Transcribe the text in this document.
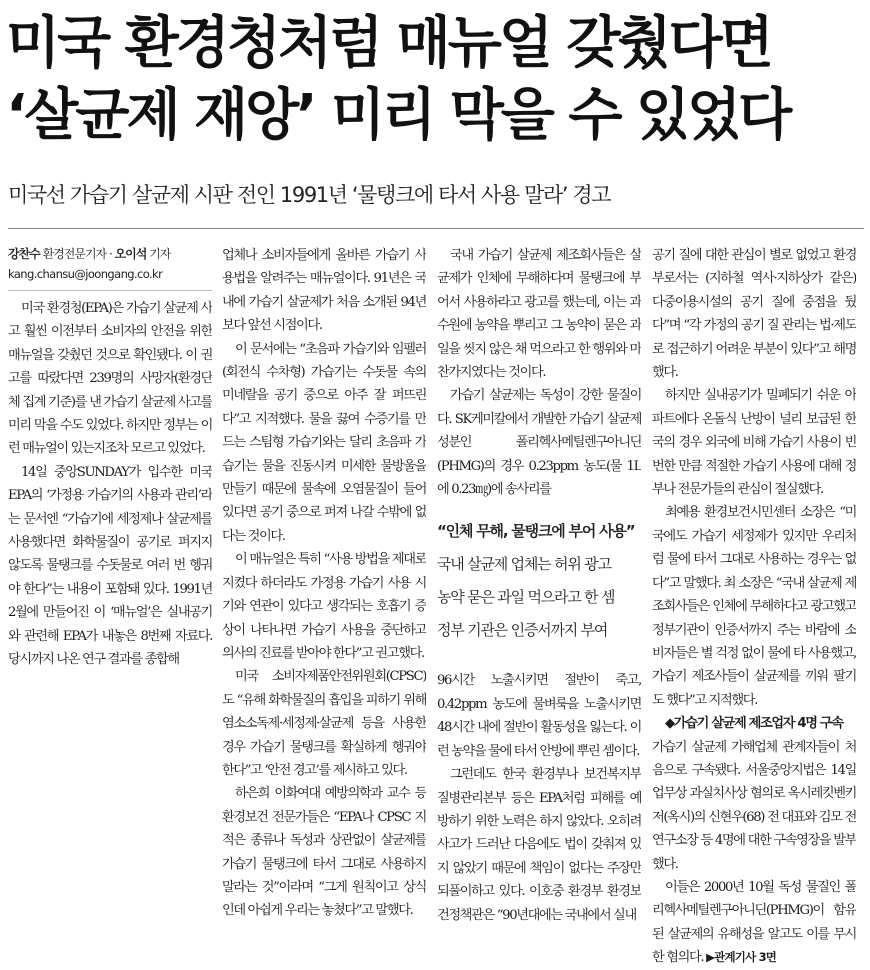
미국 환경청처럼 매뉴얼 갖췄다면
‘살균제 재앙’ 미리 막을 수 있었다
미국선 가습기 살균제 시판 전인 1991년 ‘물탱크에 타서 사용 말라’ 경고
강찬수 환경전문기자 · 오이석 기자
kang.chansu@joongang.co.kr

미국 환경청(EPA)은 가습기 살균제 사고 훨씬 이전부터 소비자의 안전을 위한 매뉴얼을 갖췄던 것으로 확인됐다. 이 권고를 따랐다면 239명의 사망자(환경단체 집계 기준)를 낸 가습기 살균제 사고를 미리 막을 수도 있었다. 하지만 정부는 이런 매뉴얼이 있는지조차 모르고 있었다.

14일 중앙SUNDAY가 입수한 미국 EPA의 ‘가정용 가습기의 사용과 관리’라는 문서엔 “가습기에 세정제나 살균제를 사용했다면 화학물질이 공기로 퍼지지 않도록 물탱크를 수돗물로 여러 번 헹궈야 한다”는 내용이 포함돼 있다. 1991년 2월에 만들어진 이 ‘매뉴얼’은 실내공기와 관련해 EPA가 내놓은 8번째 자료다. 당시까지 나온 연구 결과를 종합해

업체나 소비자들에게 올바른 가습기 사용법을 알려주는 매뉴얼이다. 91년은 국내에 가습기 살균제가 처음 소개된 94년보다 앞선 시점이다.

이 문서에는 “초음파 가습기와 임펠러(회전식 수차형) 가습기는 수돗물 속의 미네랄을 공기 중으로 아주 잘 퍼뜨린다”고 지적했다. 물을 끓여 수증기를 만드는 스팀형 가습기와는 달리 초음파 가습기는 물을 진동시켜 미세한 물방울을 만들기 때문에 물속에 오염물질이 들어 있다면 공기 중으로 퍼져 나갈 수밖에 없다는 것이다.

이 매뉴얼은 특히 “사용 방법을 제대로 지켰다 하더라도 가정용 가습기 사용 시기와 연관이 있다고 생각되는 호흡기 증상이 나타나면 가습기 사용을 중단하고 의사의 진료를 받아야 한다”고 권고했다.

미국 소비자제품안전위원회(CPSC)도 “유해 화학물질의 흡입을 피하기 위해 염소소독제·세정제·살균제 등을 사용한 경우 가습기 물탱크를 확실하게 헹궈야 한다”고 ‘안전 경고’를 제시하고 있다.

하은희 이화여대 예방의학과 교수 등 환경보건 전문가들은 “EPA나 CPSC 지적은 종류나 독성과 상관없이 살균제를 가습기 물탱크에 타서 그대로 사용하지 말라는 것”이라며 “그게 원칙이고 상식인데 아쉽게 우리는 놓쳤다”고 말했다.

국내 가습기 살균제 제조회사들은 살균제가 인체에 무해하다며 물탱크에 부어서 사용하라고 광고를 했는데, 이는 과수원에 농약을 뿌리고 그 농약이 묻은 과일을 씻지 않은 채 먹으라고 한 행위와 마찬가지였다는 것이다.

가습기 살균제는 독성이 강한 물질이다. SK케미칼에서 개발한 가습기 살균제 성분인 폴리헥사메틸렌구아니딘(PHMG)의 경우 0.23ppm 농도(물 1L에 0.23㎎)에 송사리를

“인체 무해, 물탱크에 부어 사용”
국내 살균제 업체는 허위 광고
농약 묻은 과일 먹으라고 한 셈
정부 기관은 인증서까지 부여

96시간 노출시키면 절반이 죽고, 0.42ppm 농도에 물벼룩을 노출시키면 48시간 내에 절반이 활동성을 잃는다. 이런 농약을 물에 타서 안방에 뿌린 셈이다.

그런데도 한국 환경부나 보건복지부 질병관리본부 등은 EPA처럼 피해를 예방하기 위한 노력은 하지 않았다. 오히려 사고가 드러난 다음에도 법이 갖춰져 있지 않았기 때문에 책임이 없다는 주장만 되풀이하고 있다. 이호중 환경부 환경보건정책관은 “90년대에는 국내에서 실내

공기 질에 대한 관심이 별로 없었고 환경부로서는 (지하철 역사·지하상가 같은) 다중이용시설의 공기 질에 중점을 뒀다”며 “각 가정의 공기 질 관리는 법·제도로 접근하기 어려운 부분이 있다”고 해명했다.

하지만 실내공기가 밀폐되기 쉬운 아파트에다 온돌식 난방이 널리 보급된 한국의 경우 외국에 비해 가습기 사용이 빈번한 만큼 적절한 가습기 사용에 대해 정부나 전문가들의 관심이 절실했다.

최예용 환경보건시민센터 소장은 “미국에도 가습기 세정제가 있지만 우리처럼 물에 타서 그대로 사용하는 경우는 없다”고 말했다. 최 소장은 “국내 살균제 제조회사들은 인체에 무해하다고 광고했고 정부기관이 인증서까지 주는 바람에 소비자들은 별 걱정 없이 물에 타 사용했고, 가습기 제조사들이 살균제를 끼워 팔기도 했다”고 지적했다.

◆가습기 살균제 제조업자 4명 구속

가습기 살균제 가해업체 관계자들이 처음으로 구속됐다. 서울중앙지법은 14일 업무상 과실치사상 혐의로 옥시레킷벤키저(옥시)의 신현우(68) 전 대표와 김모 전 연구소장 등 4명에 대한 구속영장을 발부했다.

이들은 2000년 10월 독성 물질인 폴리헥사메틸렌구아니딘(PHMG)이 함유된 살균제의 유해성을 알고도 이를 무시한 혐의다. ▶관계기사 3면
